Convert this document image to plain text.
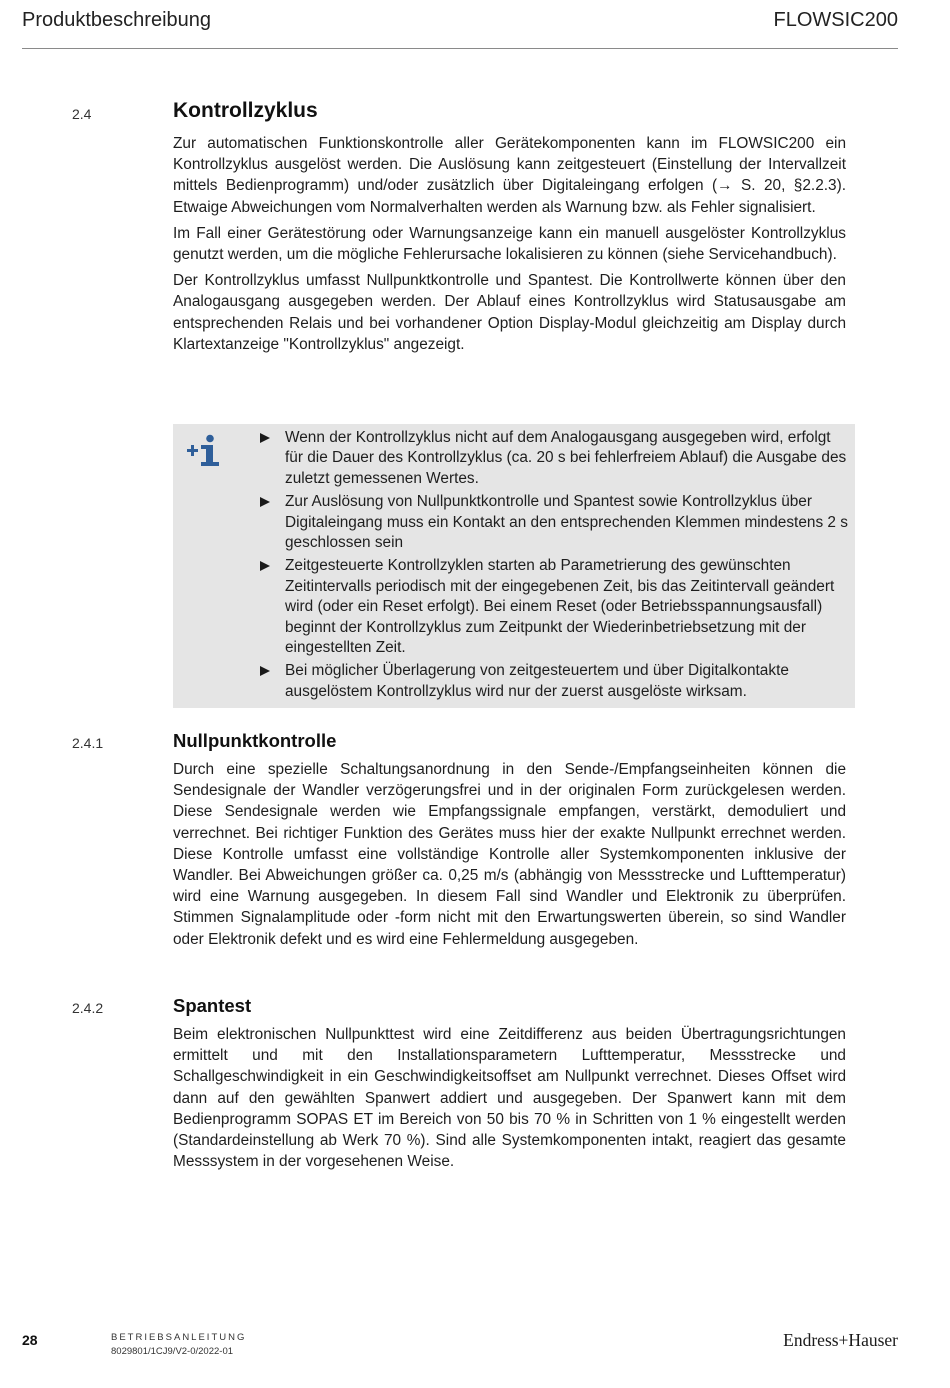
Produktbeschreibung	FLOWSIC200
2.4	Kontrollzyklus

Zur automatischen Funktionskontrolle aller Gerätekomponenten kann im FLOWSIC200 ein Kontrollzyklus ausgelöst werden. Die Auslösung kann zeitgesteuert (Einstellung der Intervallzeit mittels Bedienprogramm) und/oder zusätzlich über Digitaleingang erfolgen (→ S. 20, §2.2.3). Etwaige Abweichungen vom Normalverhalten werden als Warnung bzw. als Fehler signalisiert.

Im Fall einer Gerätestörung oder Warnungsanzeige kann ein manuell ausgelöster Kontrollzyklus genutzt werden, um die mögliche Fehlerursache lokalisieren zu können (siehe Servicehandbuch).

Der Kontrollzyklus umfasst Nullpunktkontrolle und Spantest. Die Kontrollwerte können über den Analogausgang ausgegeben werden. Der Ablauf eines Kontrollzyklus wird Statusausgabe am entsprechenden Relais und bei vorhandener Option Display-Modul gleichzeitig am Display durch Klartextanzeige "Kontrollzyklus" angezeigt.

Wenn der Kontrollzyklus nicht auf dem Analogausgang ausgegeben wird, erfolgt für die Dauer des Kontrollzyklus (ca. 20 s bei fehlerfreiem Ablauf) die Ausgabe des zuletzt gemessenen Wertes.
Zur Auslösung von Nullpunktkontrolle und Spantest sowie Kontrollzyklus über Digitaleingang muss ein Kontakt an den entsprechenden Klemmen mindestens 2 s geschlossen sein
Zeitgesteuerte Kontrollzyklen starten ab Parametrierung des gewünschten Zeitintervalls periodisch mit der eingegebenen Zeit, bis das Zeitintervall geändert wird (oder ein Reset erfolgt). Bei einem Reset (oder Betriebsspannungsausfall) beginnt der Kontrollzyklus zum Zeitpunkt der Wiederinbetriebsetzung mit der eingestellten Zeit.
Bei möglicher Überlagerung von zeitgesteuertem und über Digitalkontakte ausgelöstem Kontrollzyklus wird nur der zuerst ausgelöste wirksam.
2.4.1	Nullpunktkontrolle

Durch eine spezielle Schaltungsanordnung in den Sende-/Empfangseinheiten können die Sendesignale der Wandler verzögerungsfrei und in der originalen Form zurückgelesen werden. Diese Sendesignale werden wie Empfangssignale empfangen, verstärkt, demoduliert und verrechnet. Bei richtiger Funktion des Gerätes muss hier der exakte Nullpunkt errechnet werden. Diese Kontrolle umfasst eine vollständige Kontrolle aller Systemkomponenten inklusive der Wandler. Bei Abweichungen größer ca. 0,25 m/s (abhängig von Messstrecke und Lufttemperatur) wird eine Warnung ausgegeben. In diesem Fall sind Wandler und Elektronik zu überprüfen. Stimmen Signalamplitude oder -form nicht mit den Erwartungswerten überein, so sind Wandler oder Elektronik defekt und es wird eine Fehlermeldung ausgegeben.

2.4.2	Spantest

Beim elektronischen Nullpunkttest wird eine Zeitdifferenz aus beiden Übertragungsrichtungen ermittelt und mit den Installationsparametern Lufttemperatur, Messstrecke und Schallgeschwindigkeit in ein Geschwindigkeitsoffset am Nullpunkt verrechnet. Dieses Offset wird dann auf den gewählten Spanwert addiert und ausgegeben. Der Spanwert kann mit dem Bedienprogramm SOPAS ET im Bereich von 50 bis 70 % in Schritten von 1 % eingestellt werden (Standardeinstellung ab Werk 70 %). Sind alle Systemkomponenten intakt, reagiert das gesamte Messsystem in der vorgesehenen Weise.

28	BETRIEBSANLEITUNG
8029801/1CJ9/V2-0/2022-01
Endress+Hauser
